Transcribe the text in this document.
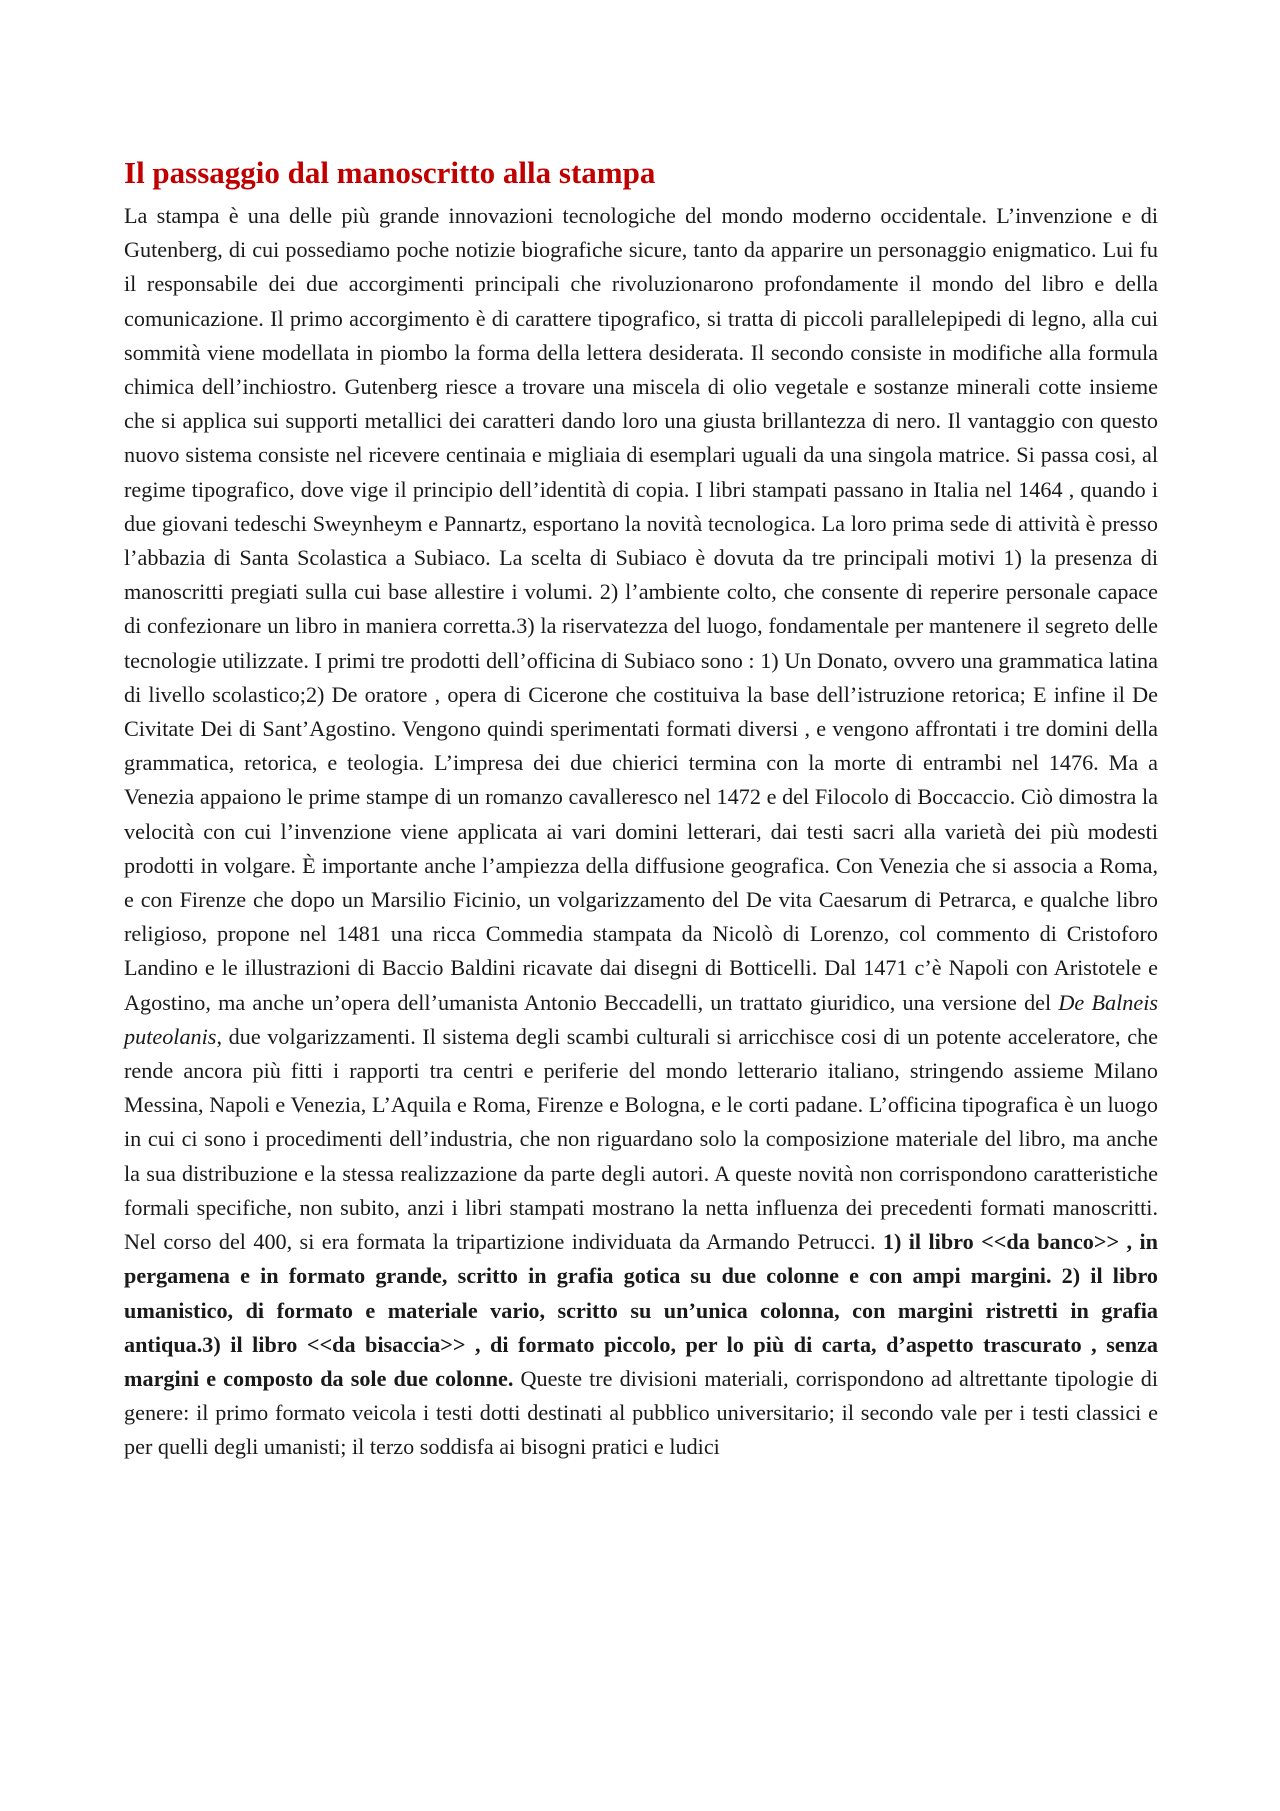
Il passaggio dal manoscritto alla stampa

La stampa è una delle più grande innovazioni tecnologiche del mondo moderno occidentale. L’invenzione e di Gutenberg, di cui possediamo poche notizie biografiche sicure, tanto da apparire un personaggio enigmatico. Lui fu il responsabile dei due accorgimenti principali che rivoluzionarono profondamente il mondo del libro e della comunicazione. Il primo accorgimento è di carattere tipografico, si tratta di piccoli parallelepipedi di legno, alla cui sommità viene modellata in piombo la forma della lettera desiderata. Il secondo consiste in modifiche alla formula chimica dell’inchiostro. Gutenberg riesce a trovare una miscela di olio vegetale e sostanze minerali cotte insieme che si applica sui supporti metallici dei caratteri dando loro una giusta brillantezza di nero. Il vantaggio con questo nuovo sistema consiste nel ricevere centinaia e migliaia di esemplari uguali da una singola matrice. Si passa cosi, al regime tipografico, dove vige il principio dell’identità di copia. I libri stampati passano in Italia nel 1464 , quando i due giovani tedeschi Sweynheym e Pannartz, esportano la novità tecnologica. La loro prima sede di attività è presso l’abbazia di Santa Scolastica a Subiaco. La scelta di Subiaco è dovuta da tre principali motivi 1) la presenza di manoscritti pregiati sulla cui base allestire i volumi. 2) l’ambiente colto, che consente di reperire personale capace di confezionare un libro in maniera corretta.3) la riservatezza del luogo, fondamentale per mantenere il segreto delle tecnologie utilizzate. I primi tre prodotti dell’officina di Subiaco sono : 1) Un Donato, ovvero una grammatica latina di livello scolastico;2) De oratore , opera di Cicerone che costituiva la base dell’istruzione retorica; E infine il De Civitate Dei di Sant’Agostino. Vengono quindi sperimentati formati diversi , e vengono affrontati i tre domini della grammatica, retorica, e teologia. L’impresa dei due chierici termina con la morte di entrambi nel 1476. Ma a Venezia appaiono le prime stampe di un romanzo cavalleresco nel 1472 e del Filocolo di Boccaccio. Ciò dimostra la velocità con cui l’invenzione viene applicata ai vari domini letterari, dai testi sacri alla varietà dei più modesti prodotti in volgare. È importante anche l’ampiezza della diffusione geografica. Con Venezia che si associa a Roma, e con Firenze che dopo un Marsilio Ficinio, un volgarizzamento del De vita Caesarum di Petrarca, e qualche libro religioso, propone nel 1481 una ricca Commedia stampata da Nicolò di Lorenzo, col commento di Cristoforo Landino e le illustrazioni di Baccio Baldini ricavate dai disegni di Botticelli. Dal 1471 c’è Napoli con Aristotele e Agostino, ma anche un’opera dell’umanista Antonio Beccadelli, un trattato giuridico, una versione del De Balneis puteolanis, due volgarizzamenti. Il sistema degli scambi culturali si arricchisce cosi di un potente acceleratore, che rende ancora più fitti i rapporti tra centri e periferie del mondo letterario italiano, stringendo assieme Milano Messina, Napoli e Venezia, L’Aquila e Roma, Firenze e Bologna, e le corti padane. L’officina tipografica è un luogo in cui ci sono i procedimenti dell’industria, che non riguardano solo la composizione materiale del libro, ma anche la sua distribuzione e la stessa realizzazione da parte degli autori. A queste novità non corrispondono caratteristiche formali specifiche, non subito, anzi i libri stampati mostrano la netta influenza dei precedenti formati manoscritti. Nel corso del 400, si era formata la tripartizione individuata da Armando Petrucci. 1) il libro <<da banco>> , in pergamena e in formato grande, scritto in grafia gotica su due colonne e con ampi margini. 2) il libro umanistico, di formato e materiale vario, scritto su un’unica colonna, con margini ristretti in grafia antiqua.3) il libro <<da bisaccia>> , di formato piccolo, per lo più di carta, d’aspetto trascurato , senza margini e composto da sole due colonne. Queste tre divisioni materiali, corrispondono ad altrettante tipologie di genere: il primo formato veicola i testi dotti destinati al pubblico universitario; il secondo vale per i testi classici e per quelli degli umanisti; il terzo soddisfa ai bisogni pratici e ludici
